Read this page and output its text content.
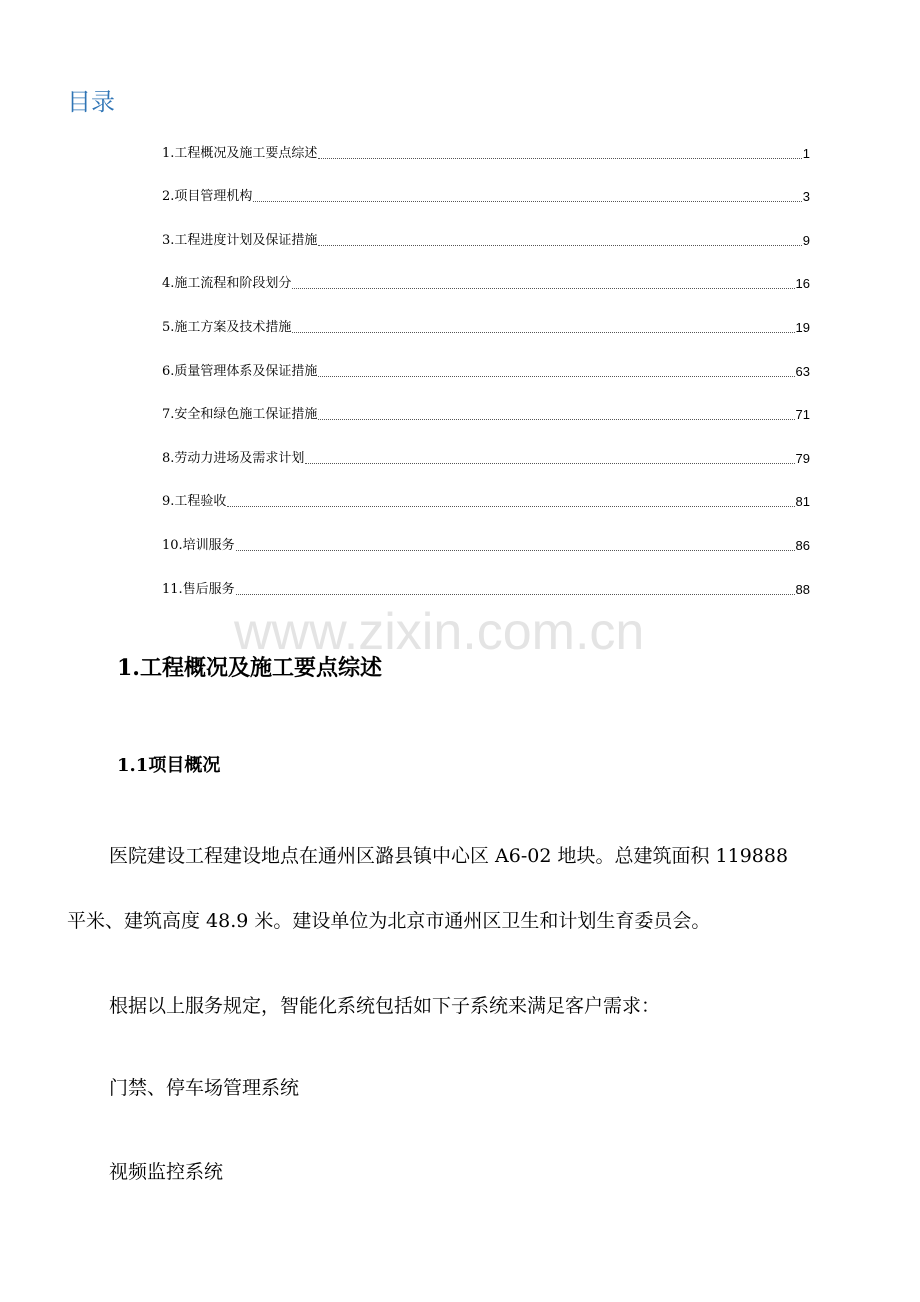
目录
1.工程概况及施工要点综述	1
2.项目管理机构	3
3.工程进度计划及保证措施	9
4.施工流程和阶段划分	16
5.施工方案及技术措施	19
6.质量管理体系及保证措施	63
7.安全和绿色施工保证措施	71
8.劳动力进场及需求计划	79
9.工程验收	81
10.培训服务	86
11.售后服务	88
www.zixin.com.cn
1.工程概况及施工要点综述
1.1项目概况
医院建设工程建设地点在通州区潞县镇中心区 A6-02 地块。总建筑面积 119888
平米、建筑高度 48.9 米。建设单位为北京市通州区卫生和计划生育委员会。
根据以上服务规定，智能化系统包括如下子系统来满足客户需求：
门禁、停车场管理系统
视频监控系统
